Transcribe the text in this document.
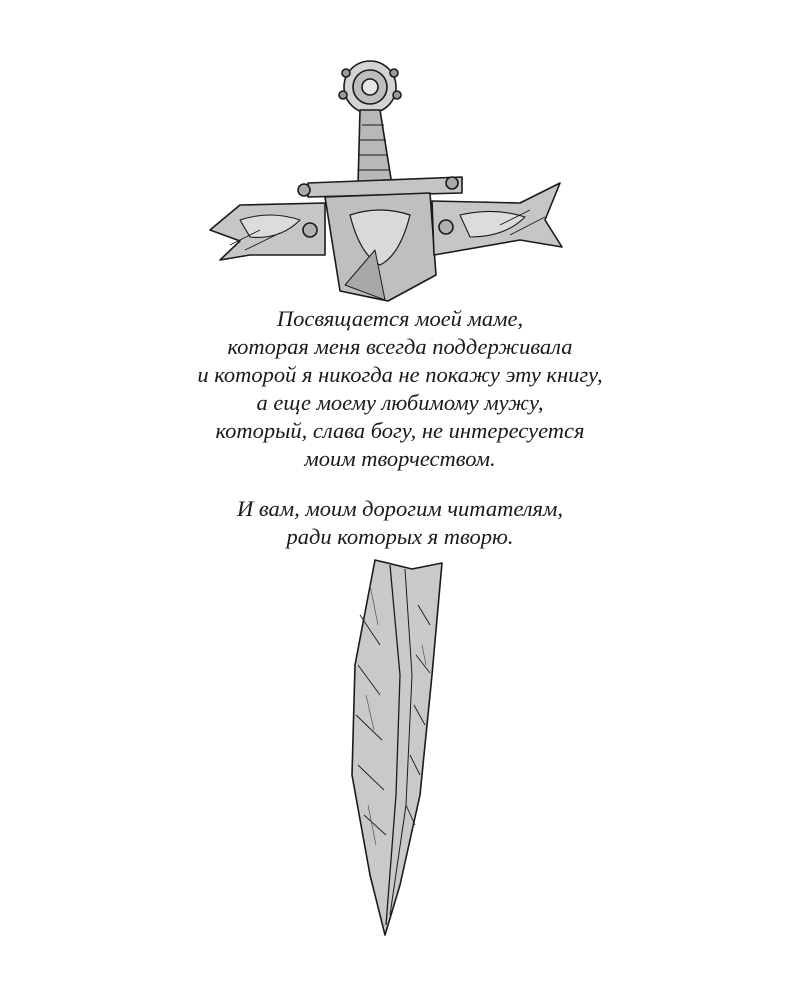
Посвящается моей маме,
которая меня всегда поддерживала
и которой я никогда не покажу эту книгу,
а еще моему любимому мужу,
который, слава богу, не интересуется
моим творчеством.
И вам, моим дорогим читателям,
ради которых я творю.
